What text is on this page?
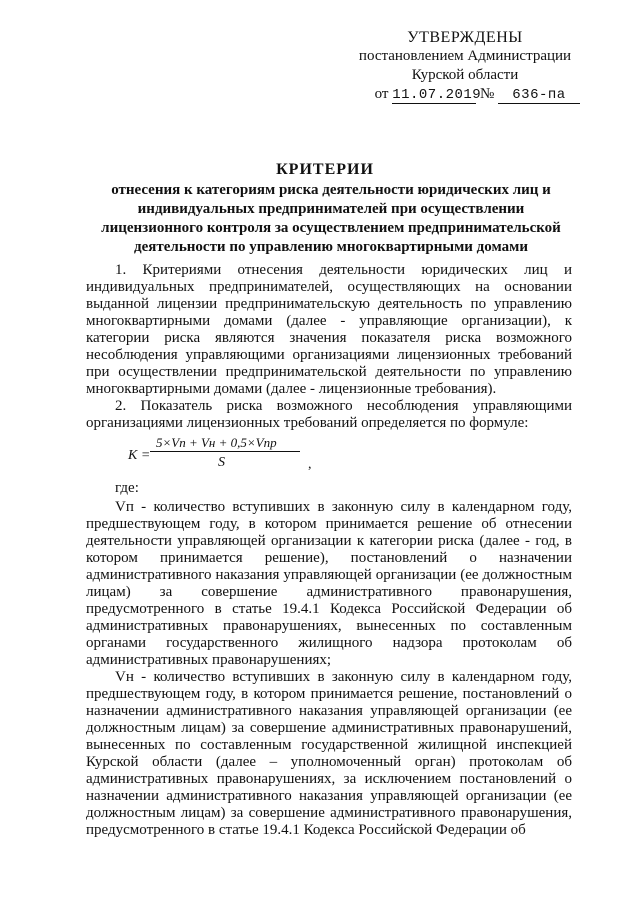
УТВЕРЖДЕНЫ
постановлением Администрации
Курской области
от 11.07.2019 № 636-па
КРИТЕРИИ
отнесения к категориям риска деятельности юридических лиц и индивидуальных предпринимателей при осуществлении лицензионного контроля за осуществлением предпринимательской деятельности по управлению многоквартирными домами

1. Критериями отнесения деятельности юридических лиц и индивидуальных предпринимателей, осуществляющих на основании выданной лицензии предпринимательскую деятельность по управлению многоквартирными домами (далее - управляющие организации), к категории риска являются значения показателя риска возможного несоблюдения управляющими организациями лицензионных требований при осуществлении предпринимательской деятельности по управлению многоквартирными домами (далее - лицензионные требования).

2. Показатель риска возможного несоблюдения управляющими организациями лицензионных требований определяется по формуле:

K =
5×Vп + Vн + 0,5×Vпр
S	,
где:

Vп - количество вступивших в законную силу в календарном году, предшествующем году, в котором принимается решение об отнесении деятельности управляющей организации к категории риска (далее - год, в котором принимается решение), постановлений о назначении административного наказания управляющей организации (ее должностным лицам) за совершение административного правонарушения, предусмотренного в статье 19.4.1 Кодекса Российской Федерации об административных правонарушениях, вынесенных по составленным органами государственного жилищного надзора протоколам об административных правонарушениях;

Vн - количество вступивших в законную силу в календарном году, предшествующем году, в котором принимается решение, постановлений о назначении административного наказания управляющей организации (ее должностным лицам) за совершение административных правонарушений, вынесенных по составленным государственной жилищной инспекцией Курской области (далее – уполномоченный орган) протоколам об административных правонарушениях, за исключением постановлений о назначении административного наказания управляющей организации (ее должностным лицам) за совершение административного правонарушения, предусмотренного в статье 19.4.1 Кодекса Российской Федерации об
